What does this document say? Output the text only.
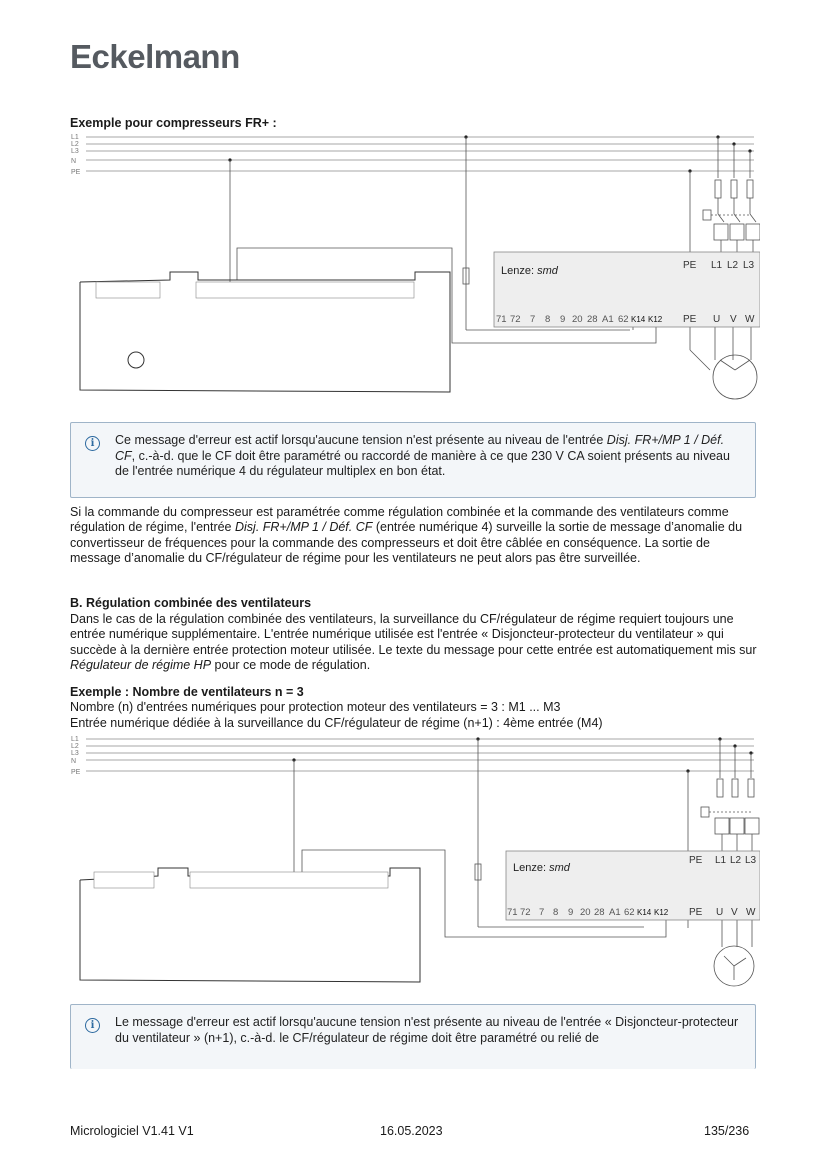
Eckelmann
Exemple pour compresseurs FR+ :
L1
L2
L3
N
PE
Lenze: smd	PE L1 L2 L3
PE U V W
71 72 7 8 9 20 28 A1 62 K14 K12
i	Ce message d'erreur est actif lorsqu'aucune tension n'est présente au niveau de l'entrée Disj. FR+/MP 1 / Déf. CF, c.-à-d. que le CF doit être paramétré ou raccordé de manière à ce que 230 V CA soient présents au niveau de l'entrée numérique 4 du régulateur multiplex en bon état.
Si la commande du compresseur est paramétrée comme régulation combinée et la commande des ventilateurs comme régulation de régime, l'entrée Disj. FR+/MP 1 / Déf. CF (entrée numérique 4) surveille la sortie de message d’anomalie du convertisseur de fréquences pour la commande des compresseurs et doit être câblée en conséquence. La sortie de message d’anomalie du CF/régulateur de régime pour les ventilateurs ne peut alors pas être surveillée.
B. Régulation combinée des ventilateurs
Dans le cas de la régulation combinée des ventilateurs, la surveillance du CF/régulateur de régime requiert toujours une entrée numérique supplémentaire. L'entrée numérique utilisée est l'entrée « Disjoncteur-protecteur du ventilateur » qui succède à la dernière entrée protection moteur utilisée. Le texte du message pour cette entrée est automatiquement mis sur Régulateur de régime HP pour ce mode de régulation.
Exemple : Nombre de ventilateurs n = 3
Nombre (n) d'entrées numériques pour protection moteur des ventilateurs = 3 : M1 ... M3
Entrée numérique dédiée à la surveillance du CF/régulateur de régime (n+1) : 4ème entrée (M4)
L1
L2
L3
N
PE
Lenze: smd
PE L1 L2 L3
PE U V W
71 72 7 8 9 20 28 A1 62 K14 K12
i	Le message d'erreur est actif lorsqu'aucune tension n'est présente au niveau de l'entrée « Disjoncteur-protecteur du ventilateur » (n+1), c.-à-d. le CF/régulateur de régime doit être paramétré ou relié de
Micrologiciel V1.41 V1	16.05.2023	135/236
